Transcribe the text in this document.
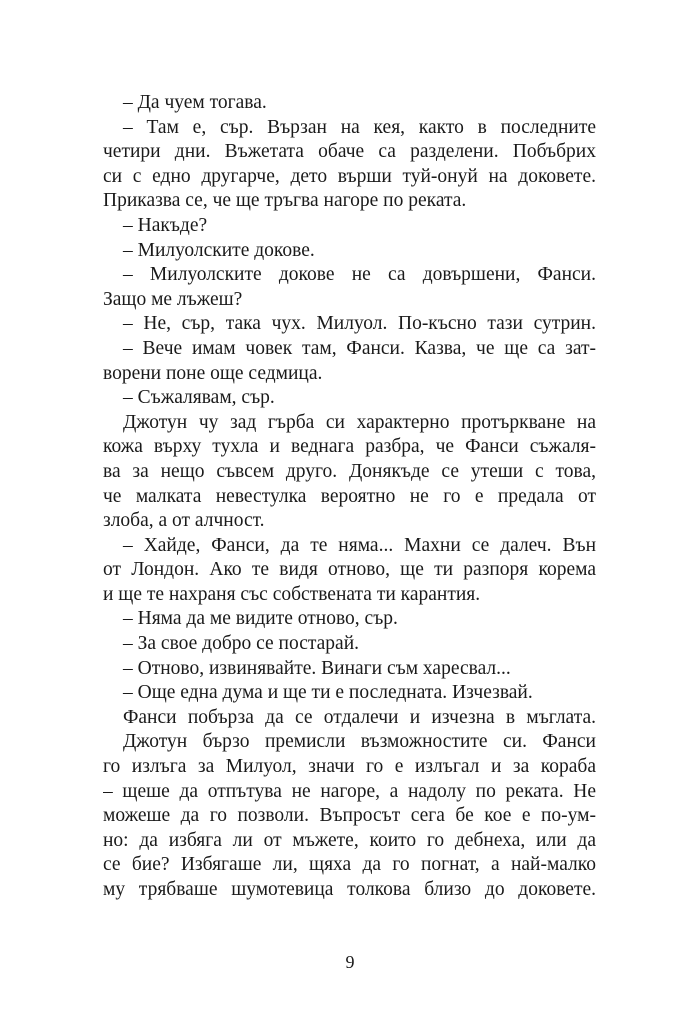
– Да чуем тогава.
– Там е, сър. Вързан на кея, както в последните
четири дни. Въжетата обаче са разделени. Побъбрих
си с едно другарче, дето върши туй-онуй на доковете.
Приказва се, че ще тръгва нагоре по реката.
– Накъде?
– Милуолските докове.
– Милуолските докове не са довършени, Фанси.
Защо ме лъжеш?
– Не, сър, така чух. Милуол. По-късно тази сутрин.
– Вече имам човек там, Фанси. Казва, че ще са зат-
ворени поне още седмица.
– Съжалявам, сър.
Джотун чу зад гърба си характерно протъркване на
кожа върху тухла и веднага разбра, че Фанси съжаля-
ва за нещо съвсем друго. Донякъде се утеши с това,
че малката невестулка вероятно не го е предала от
злоба, а от алчност.
– Хайде, Фанси, да те няма... Махни се далеч. Вън
от Лондон. Ако те видя отново, ще ти разпоря корема
и ще те нахраня със собствената ти карантия.
– Няма да ме видите отново, сър.
– За свое добро се постарай.
– Отново, извинявайте. Винаги съм харесвал...
– Още една дума и ще ти е последната. Изчезвай.
Фанси побърза да се отдалечи и изчезна в мъглата.
Джотун бързо премисли възможностите си. Фанси
го излъга за Милуол, значи го е излъгал и за кораба
– щеше да отпътува не нагоре, а надолу по реката. Не
можеше да го позволи. Въпросът сега бе кое е по-ум-
но: да избяга ли от мъжете, които го дебнеха, или да
се бие? Избягаше ли, щяха да го погнат, а най-малко
му трябваше шумотевица толкова близо до доковете.
9
